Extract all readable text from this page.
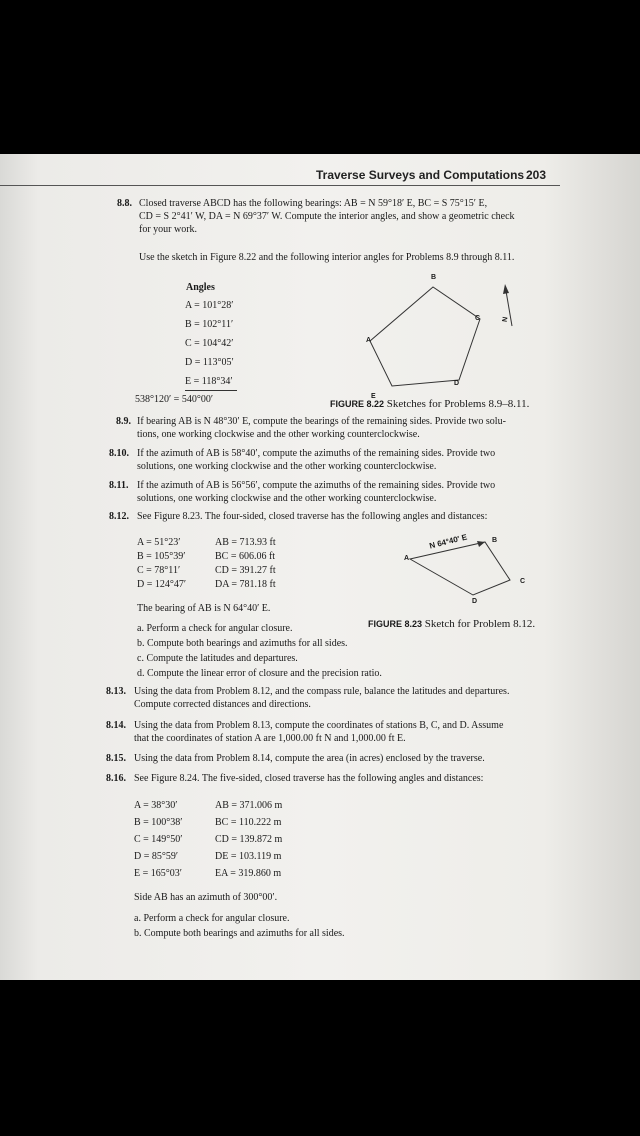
Traverse Surveys and Computations 203
8.8. Closed traverse ABCD has the following bearings: AB = N 59°18′ E, BC = S 75°15′ E,
CD = S 2°41′ W, DA = N 69°37′ W. Compute the interior angles, and show a geometric check
for your work.
Use the sketch in Figure 8.22 and the following interior angles for Problems 8.9 through 8.11.
Angles
A = 101°28′
B = 102°11′
C = 104°42′
D = 113°05′
E = 118°34′
538°120′ = 540°00′
A
B
C
D
E
N
FIGURE 8.22 Sketches for Problems 8.9–8.11.
8.9. If bearing AB is N 48°30′ E, compute the bearings of the remaining sides. Provide two solu-
tions, one working clockwise and the other working counterclockwise.
8.10. If the azimuth of AB is 58°40′, compute the azimuths of the remaining sides. Provide two
solutions, one working clockwise and the other working counterclockwise.
8.11. If the azimuth of AB is 56°56′, compute the azimuths of the remaining sides. Provide two
solutions, one working clockwise and the other working counterclockwise.
8.12. See Figure 8.23. The four-sided, closed traverse has the following angles and distances:
A = 51°23′
B = 105°39′
C = 78°11′
D = 124°47′
AB = 713.93 ft
BC = 606.06 ft
CD = 391.27 ft
DA = 781.18 ft
The bearing of AB is N 64°40′ E.
a. Perform a check for angular closure.
b. Compute both bearings and azimuths for all sides.
c. Compute the latitudes and departures.
d. Compute the linear error of closure and the precision ratio.
N 64°40′ E
A
B
C
D
FIGURE 8.23 Sketch for Problem 8.12.
8.13. Using the data from Problem 8.12, and the compass rule, balance the latitudes and departures.
Compute corrected distances and directions.
8.14. Using the data from Problem 8.13, compute the coordinates of stations B, C, and D. Assume
that the coordinates of station A are 1,000.00 ft N and 1,000.00 ft E.
8.15. Using the data from Problem 8.14, compute the area (in acres) enclosed by the traverse.
8.16. See Figure 8.24. The five-sided, closed traverse has the following angles and distances:
A = 38°30′
B = 100°38′
C = 149°50′
D = 85°59′
E = 165°03′
AB = 371.006 m
BC = 110.222 m
CD = 139.872 m
DE = 103.119 m
EA = 319.860 m
Side AB has an azimuth of 300°00′.
a. Perform a check for angular closure.
b. Compute both bearings and azimuths for all sides.
